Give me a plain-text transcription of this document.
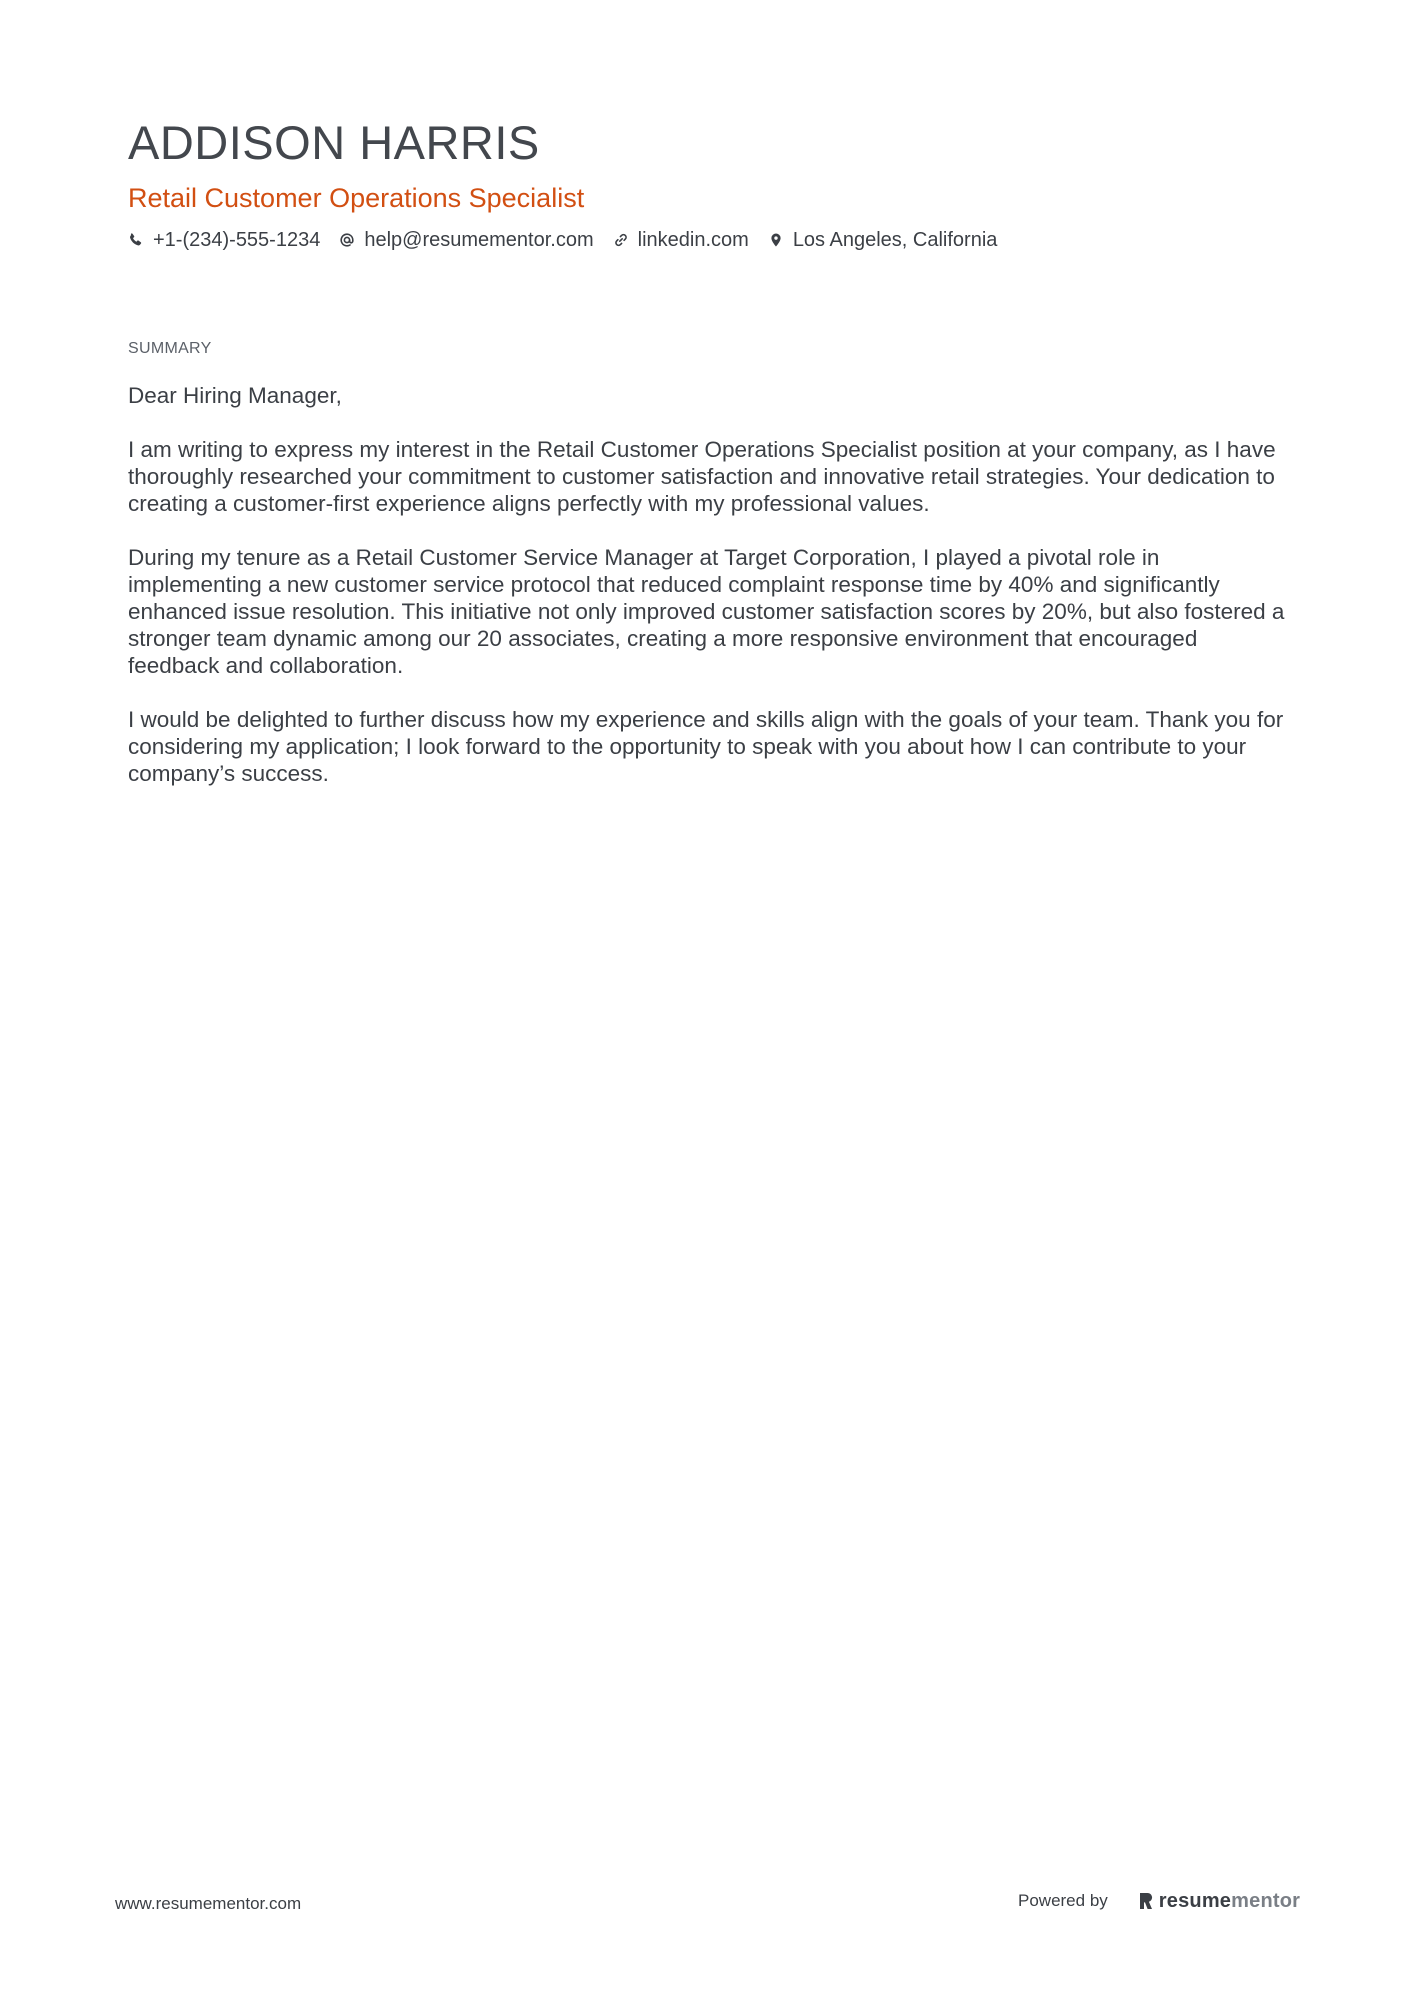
ADDISON HARRIS
Retail Customer Operations Specialist
+1-(234)-555-1234 help@resumementor.com linkedin.com Los Angeles, California
SUMMARY

Dear Hiring Manager,

I am writing to express my interest in the Retail Customer Operations Specialist position at your company, as I have thoroughly researched your commitment to customer satisfaction and innovative retail strategies. Your dedication to creating a customer-first experience aligns perfectly with my professional values.

During my tenure as a Retail Customer Service Manager at Target Corporation, I played a pivotal role in implementing a new customer service protocol that reduced complaint response time by 40% and significantly enhanced issue resolution. This initiative not only improved customer satisfaction scores by 20%, but also fostered a stronger team dynamic among our 20 associates, creating a more responsive environment that encouraged feedback and collaboration.

I would be delighted to further discuss how my experience and skills align with the goals of your team. Thank you for considering my application; I look forward to the opportunity to speak with you about how I can contribute to your company’s success.

www.resumementor.com	Powered by	resume mentor
